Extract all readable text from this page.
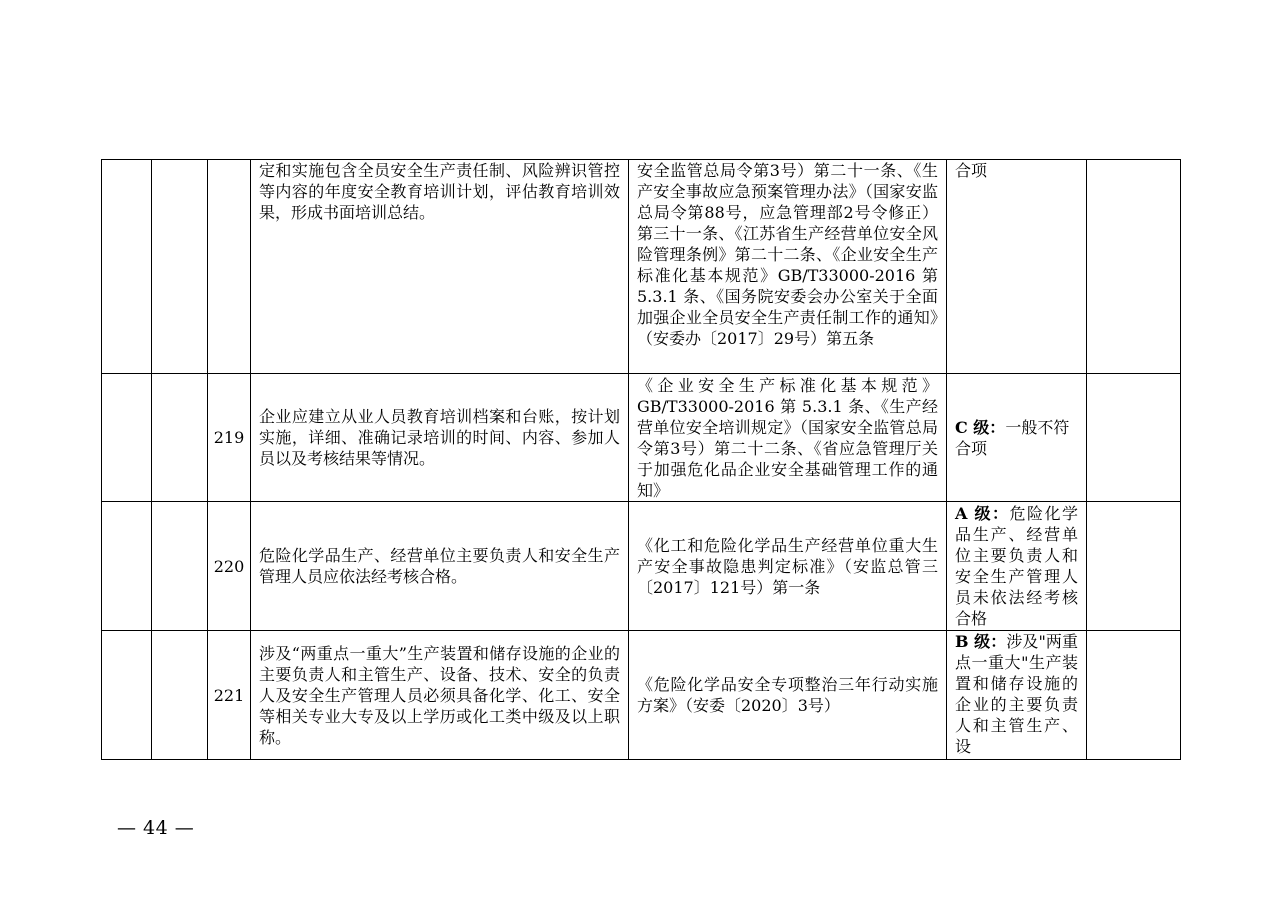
			定和实施包含全员安全生产责任制、风险辨识管控等内容的年度安全教育培训计划，评估教育培训效果，形成书面培训总结。	安全监管总局令第3号）第二十一条、《生产安全事故应急预案管理办法》（国家安监总局令第88号，应急管理部2号令修正）第三十一条、《江苏省生产经营单位安全风险管理条例》第二十二条、《企业安全生产标准化基本规范》GB/T33000-2016 第 5.3.1 条、《国务院安委会办公室关于全面加强企业全员安全生产责任制工作的通知》（安委办〔2017〕29号）第五条	合项	
		219	企业应建立从业人员教育培训档案和台账，按计划实施，详细、准确记录培训的时间、内容、参加人员以及考核结果等情况。	《企业安全生产标准化基本规范》GB/T33000-2016 第 5.3.1 条、《生产经营单位安全培训规定》（国家安全监管总局令第3号）第二十二条、《省应急管理厅关于加强危化品企业安全基础管理工作的通知》	C 级：一般不符合项	
		220	危险化学品生产、经营单位主要负责人和安全生产管理人员应依法经考核合格。	《化工和危险化学品生产经营单位重大生产安全事故隐患判定标准》（安监总管三〔2017〕121号）第一条	A 级：危险化学品生产、经营单位主要负责人和安全生产管理人员未依法经考核合格	
		221	涉及“两重点一重大”生产装置和储存设施的企业的主要负责人和主管生产、设备、技术、安全的负责人及安全生产管理人员必须具备化学、化工、安全等相关专业大专及以上学历或化工类中级及以上职称。	《危险化学品安全专项整治三年行动实施方案》（安委〔2020〕3号）	B 级：涉及"两重点一重大"生产装置和储存设施的企业的主要负责人和主管生产、设	

— 44 —
